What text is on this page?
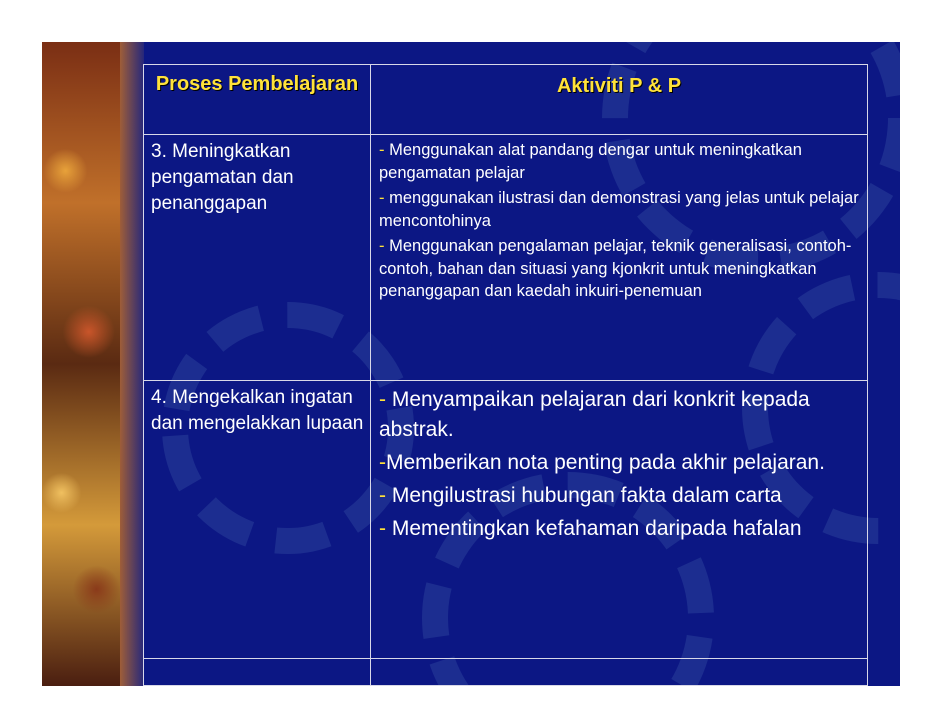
Proses Pembelajaran	Aktiviti P & P
3. Meningkatkan pengamatan dan penanggapan	- Menggunakan alat pandang dengar untuk meningkatkan pengamatan pelajar

- menggunakan ilustrasi dan demonstrasi yang jelas untuk pelajar mencontohinya

- Menggunakan pengalaman pelajar, teknik generalisasi, contoh-contoh, bahan dan situasi yang kjonkrit untuk meningkatkan penanggapan dan kaedah inkuiri-penemuan

4. Mengekalkan ingatan dan mengelakkan lupaan	- Menyampaikan pelajaran dari konkrit kepada abstrak.

-Memberikan nota penting pada akhir pelajaran.

- Mengilustrasi hubungan fakta dalam carta

- Mementingkan kefahaman daripada hafalan
